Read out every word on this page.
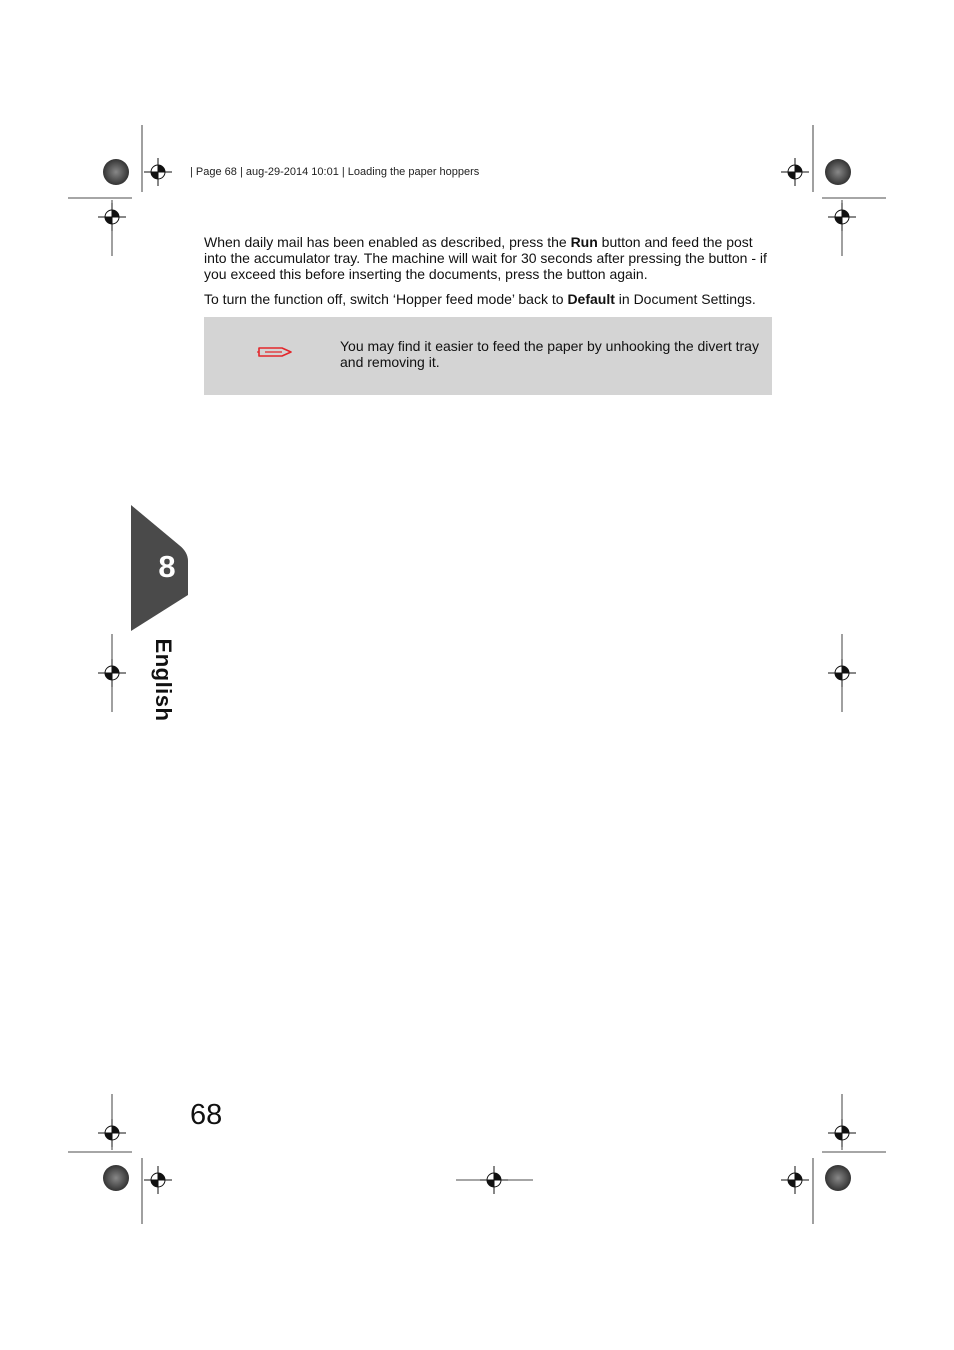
| Page 68 | aug-29-2014 10:01 | Loading the paper hoppers

When daily mail has been enabled as described, press the Run button and feed the post into the accumulator tray. The machine will wait for 30 seconds after pressing the button - if you exceed this before inserting the documents, press the button again.

To turn the function off, switch ‘Hopper feed mode’ back to Default in Document Settings.

You may find it easier to feed the paper by unhooking the divert tray and removing it.
8
English
68
